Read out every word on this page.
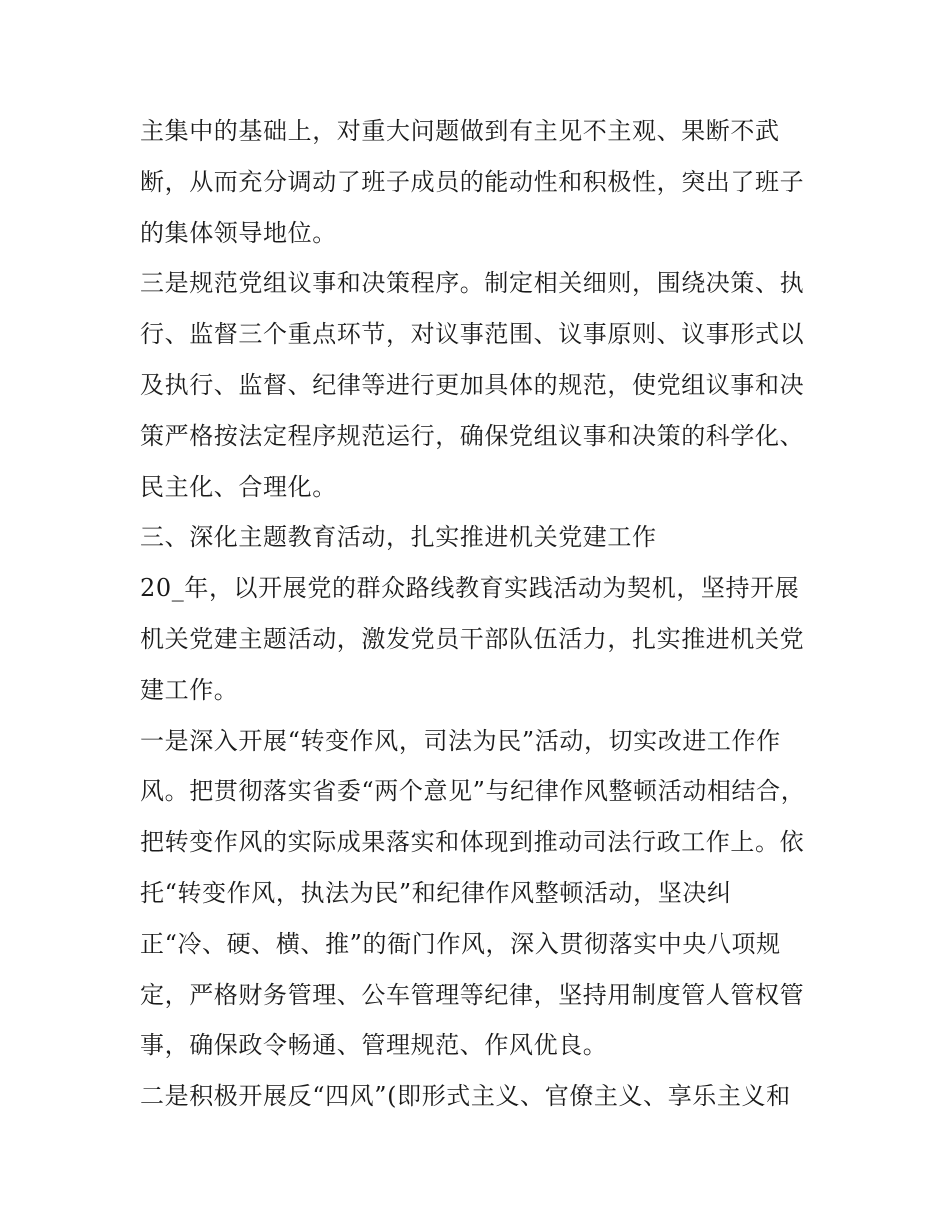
主集中的基础上，对重大问题做到有主见不主观、果断不武
断，从而充分调动了班子成员的能动性和积极性，突出了班子
的集体领导地位。
三是规范党组议事和决策程序。制定相关细则，围绕决策、执
行、监督三个重点环节，对议事范围、议事原则、议事形式以
及执行、监督、纪律等进行更加具体的规范，使党组议事和决
策严格按法定程序规范运行，确保党组议事和决策的科学化、
民主化、合理化。
三、深化主题教育活动，扎实推进机关党建工作
20_年，以开展党的群众路线教育实践活动为契机，坚持开展
机关党建主题活动，激发党员干部队伍活力，扎实推进机关党
建工作。
一是深入开展“转变作风，司法为民”活动，切实改进工作作
风。把贯彻落实省委“两个意见”与纪律作风整顿活动相结合，
把转变作风的实际成果落实和体现到推动司法行政工作上。依
托“转变作风，执法为民”和纪律作风整顿活动，坚决纠
正“冷、硬、横、推”的衙门作风，深入贯彻落实中央八项规
定，严格财务管理、公车管理等纪律，坚持用制度管人管权管
事，确保政令畅通、管理规范、作风优良。
二是积极开展反“四风”(即形式主义、官僚主义、享乐主义和
